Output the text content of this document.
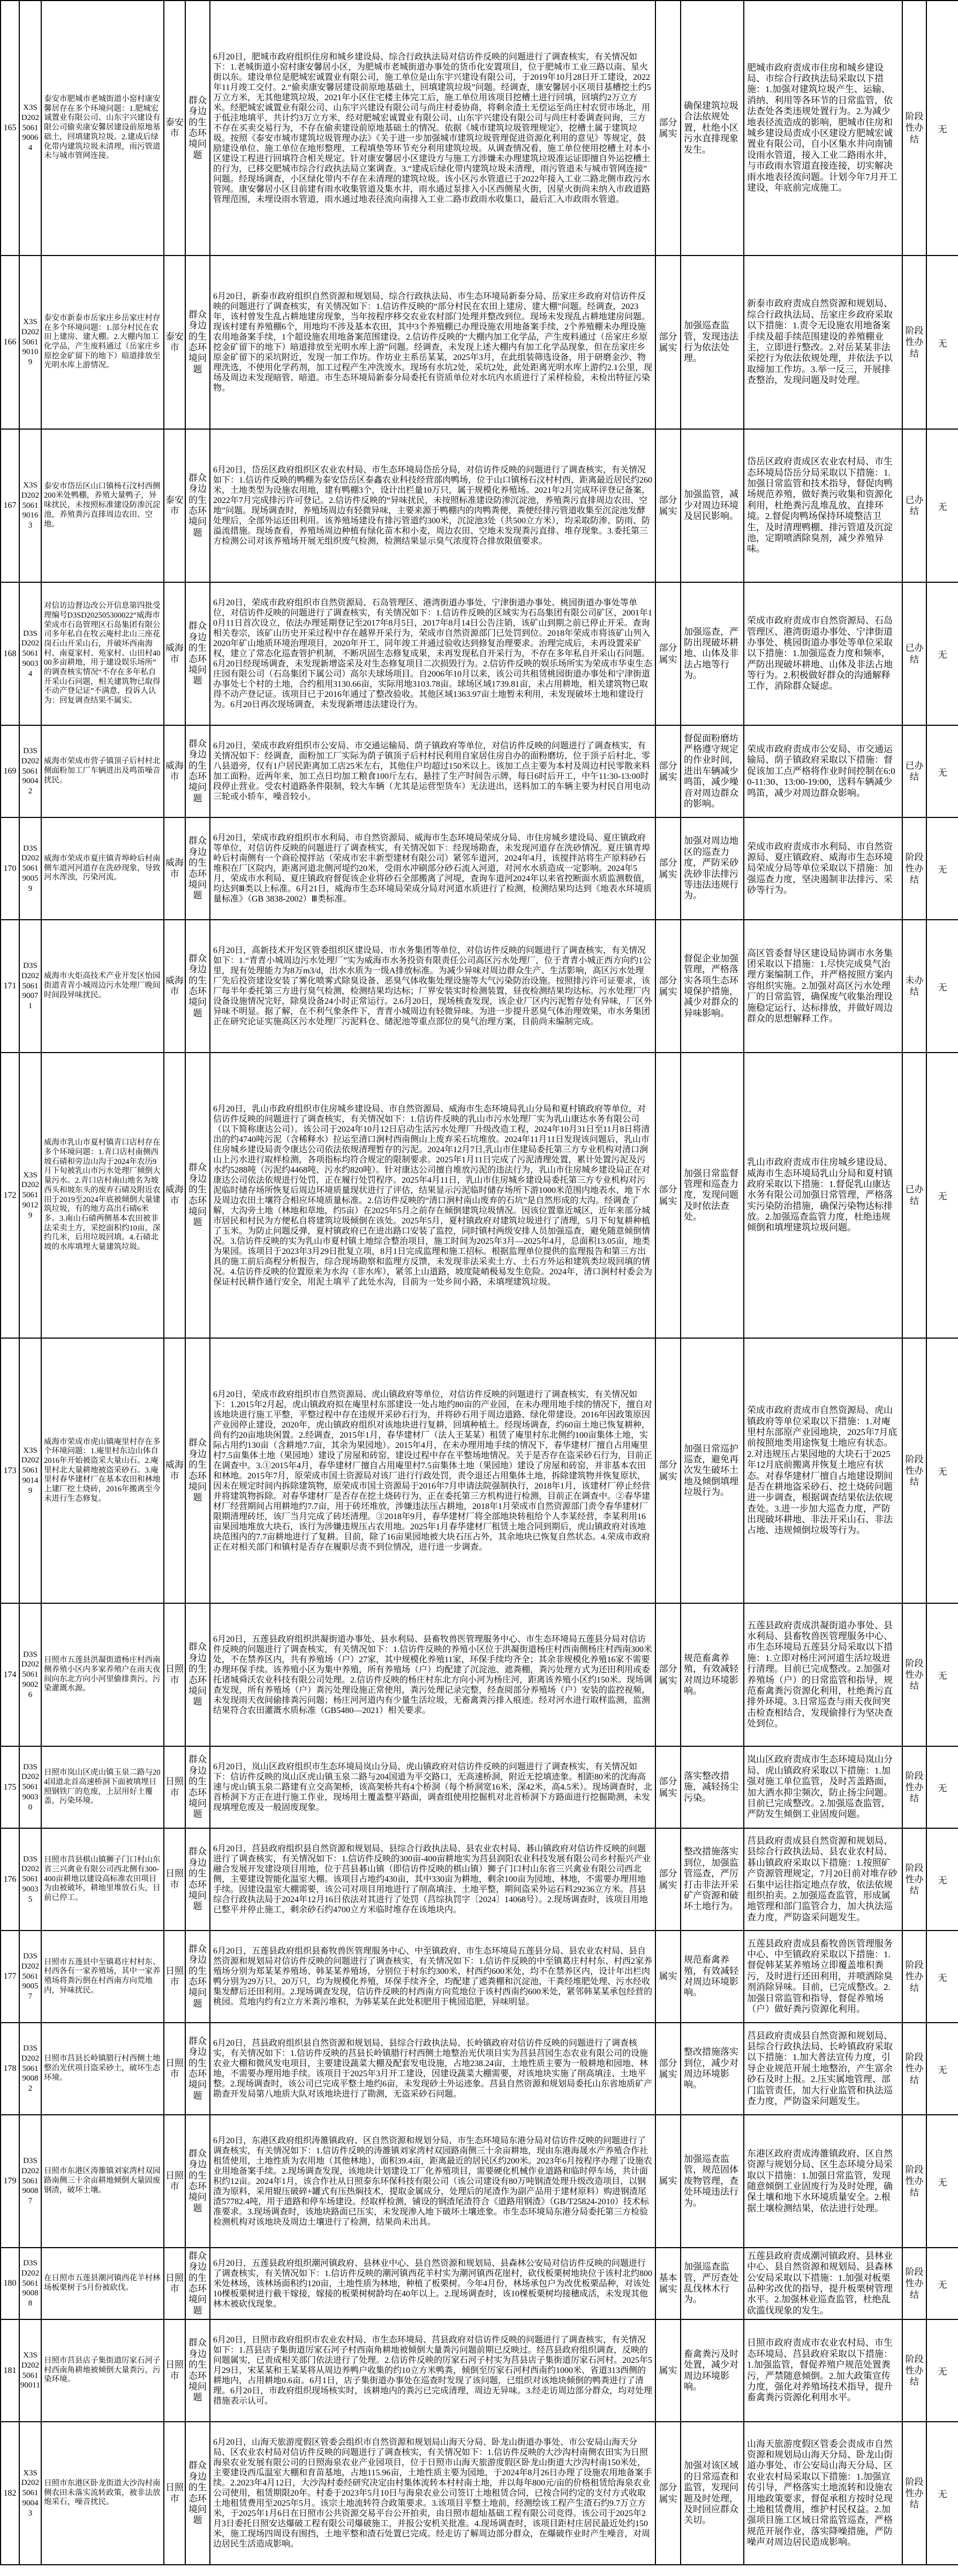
165	X3SD202506190064	泰安市肥城市老城街道小窑村康安馨居存在多个环境问题：1.肥城宏诚置业有限公司、山东宇兴建设有限公司偷卖康安馨居建设前原地基础土，回填建筑垃圾。2.建成后绿化带内建筑垃圾未清理，雨污管道未与城市管网连接。	泰安市	群众身边的生态环境问题	6月20日，肥城市政府组织住房和城乡建设局、综合行政执法局对信访件反映的问题进行了调查核实，有关情况如下：1.老城街道小窑村康安馨居小区，为肥城市老城街道办事处的货币化安置项目，位于肥城市工业三路以南、星火街以东。建设单位是肥城宏诚置业有限公司，施工单位是山东宇兴建设有限公司，于2019年10月28日开工建设，2022年11月竣工交付。2.“偷卖康安馨居建设前原地基础土，回填建筑垃圾”问题。经调查，康安馨居小区项目基槽挖土约5万立方米，无其他建筑垃圾，2021年小区住宅楼主体完工后，施工单位用该项目挖槽土进行回填，回填约2万立方米。经肥城宏诚置业有限公司、山东宇兴建设有限公司与尚庄村委协商，将剩余渣土无偿运至尚庄村农贸市场北，用于低洼地填平，共计约3万立方米，经对肥城宏诚置业有限公司、山东宇兴建设有限公司与尚庄村委调查问询，三方不存在买卖交易行为，不存在偷卖建设前原地基础土的情况。依据《城市建筑垃圾管理规定》，挖槽土属于建筑垃圾。按照《泰安市城市建筑垃圾管理办法》《关于进一步加强城市建筑垃圾管理促进资源化利用的意见》等规定，鼓励建设单位、施工单位在地形整理、工程填垫等环节充分利用建筑垃圾。从调查情况看，施工单位使用挖槽土对本小区建设工程进行回填符合相关规定。针对康安馨居小区建设方与施工方涉嫌未办理建筑垃圾准运证即擅自外运挖槽土的行为，已移交肥城市综合行政执法局立案调查。3.“建成后绿化带内建筑垃圾未清理，雨污管道未与城市管网连接”问题。经现场调查，小区绿化带内不存在未清理的建筑垃圾。该小区污水管道已于2022年接入工业二路北侧市政污水管网。康安馨居小区目前建有雨水收集管道及集水井，雨水通过泵排入小区西侧星火街，因星火街尚未纳入市政道路管理范围，未埋设雨水管道，雨水通过地表径流向南排入工业二路市政雨水收集口，最后汇入市政雨水管道。	部分属实	确保建筑垃圾合法依规处置，杜绝小区污水直排现象发生。	肥城市政府责成市住房和城乡建设局、市综合行政执法局采取以下措施：1.加强对建筑垃圾产生、运输、消纳、利用等各环节的日常监管，依法查处各类违规处置行为。2.为减少地表径流造成的影响，肥城市住房和城乡建设局责成小区建设方肥城宏诚置业有限公司，自小区集水井向南铺设雨水管道，接入工业二路雨水井，与市政雨水管道直接连接，切实解决雨水地表径流问题。计划今年7月开工建设，年底前完成施工。	阶段性办结	无
166	X3SD202506190109	泰安市新泰市岳家庄乡岳家庄村存在多个环境问题：1.部分村民在农田上建房、建大棚。2.大棚内加工化学品，产生废料通过（岳家庄乡原挖金矿留下的地下）暗道排放至光明水库上游情况。	泰安市	群众身边的生态环境问题	6月20日，新泰市政府组织自然资源和规划局、综合行政执法局、市生态环境局新泰分局、岳家庄乡政府对信访件反映的问题进行了调查核实，有关情况如下：1.信访件反映的“部分村民在农田上建房、建大棚”问题。经调查，2023年，该村曾发生乱占耕地建房现象，当年按程序移交农业农村部门处理并整改到位。现场未发现乱占耕地建房问题。现该村建有养殖棚6个，用地均不涉及基本农田，其中3个养殖棚已办理设施农用地备案手续，2个养殖棚未办理设施农用地备案手续，1个超设施农用地备案范围建设。2.信访件反映的“大棚内加工化学品，产生废料通过（岳家庄乡原挖金矿留下的地下）暗道排放至光明水库上游”问题。经调查，未发现上述大棚内有加工化学品现象，但在岳家庄乡原金矿留下的采坑附近，发现一加工作坊。作坊业主系岳某某，2025年3月，在此组装筛选设备，用于研磨金沙、物理洗选，不使用化学药剂，加工过程产生冲洗废水。现场有水坑2处，采坑2处，此处距离光明水库上游约2.1公里，现场及周边未发现暗管、暗道。市生态环境局新泰分局委托有资质单位对水坑内水质进行了采样检验，未检出特征污染物。	部分属实	加强巡查监管，发现违法行为依法处理。	新泰市政府责成自然资源和规划局、综合行政执法局、岳家庄乡政府采取以下措施：1.责令无设施农用地备案手续及超手续范围建设的养殖棚业主，立即进行整改。2.对岳某某非法采挖行为依法依规处理，并依法予以取缔加工作坊。3.举一反三，开展排查整治，发现问题及时处理。	阶段性办结	无
167	X3SD202506190163	泰安市岱岳区山口镇杨石汶村西侧200米处鸭棚，养殖大量鸭子，异味扰民，未按照标准建设防渗沉淀池，养殖粪污直排周边农田、空地。	泰安市	群众身边的生态环境问题	6月20日，岱岳区政府组织区农业农村局、市生态环境局岱岳分局，对信访件反映的问题进行了调查核实，有关情况如下：1.信访件反映的鸭棚为泰安岱岳区泰鑫农业科技经营部肉鸭场，位于山口镇杨石汶村村西，距离最近居民约260米，土地类型为设施农用地，建有鸭棚3个，设计出栏量10万只，属于规模化养殖场。2021年2月完成环评登记备案，2022年7月完成排污许可登记。2.信访件反映的“异味扰民，未按照标准建设防渗沉淀池，养殖粪污直排周边农田、空地”问题。现场调查时，养殖场周边有轻微异味，主要来源于鸭棚内的肉鸭粪便，粪便经排污管道收集至沉淀池发酵处理后，全部外运还田利用。该养殖场建设有排污管道约300米，沉淀池3处（共500立方米），均采取防渗、防雨、防溢流措施。现场查看，养殖场周边种植有绿化苗木和小麦，周边农田、空地未发现粪污直排、堆存现象。3.委托第三方检测公司对该养殖场开展无组织废气检测，检测结果显示臭气浓度符合排放限值要求。	部分属实	加强监管，减少对周边环境及居民影响。	岱岳区政府责成区农业农村局、市生态环境局岱岳分局采取以下措施：1.加强日常监管和技术指导，督促肉鸭场规范养殖，做好粪污收集和资源化利用，杜绝粪污乱堆乱放、直排环境。2.督促肉鸭场保持环境整洁卫生，及时清理鸭棚、排污管道及沉淀池，定期喷洒除臭剂，减少养殖异味。	已办结	无
168	D3SD202506190034	对信访边督边改公开信息第四批受理编号D3SD202505300022“威海市荣成市石岛管理区石岛集团有限公司多年私自在牧云庵村北山三座花岗石山开采山石，并破坏西南海村、南夏家村、苑家村、山田村4000多亩耕地，用于建设娱乐场所”的调查核实情况“不存在多年私自开采山石问题，相关建筑物已取得不动产登记证”不满意，投诉人认为：回复调查结果不属实。	威海市	群众身边的生态环境问题	6月20日，荣成市政府组织市自然资源局、石岛管理区、港湾街道办事处、宁津街道办事处、桃园街道办事处等单位，对信访件反映的问题进行了调查核实，有关情况如下：1.信访件反映的区域实为石岛集团有限公司矿区，2001年10月11日首次设立，依法办理延期登记至2017年8月5日，2017年8月14日公告注销，该矿山到期之前已停止开采。查询相关卷宗，该矿山历史开采过程中存在越界开采行为，荣成市自然资源部门已处罚到位。2018年荣成市将该矿山列入2020年矿山地质环境治理项目，2020年开工、同年竣工并通过验收达到修复治理要求。治理完成后，未再设置采矿权，建立了常态化巡查管护机制，不断巩固生态修复成果，未再发现私自开采行为，不存在多年私自开采山石问题。6月20日经现场调查，未发现新增盗采及对生态修复项目二次损毁行为。2.信访件反映的娱乐场所实为荣成市华束生态庄园有限公司（石岛集团下属公司）高尔夫球场项目。自2006年10月以来，该公司共租赁桃园街道办事处和宁津街道办事处七个村的土地，合约租用3130.66亩，实际用地3103.78亩。球场区域1739.81亩，未占用耕地，相关建筑物已取得不动产登记证。该项目已于2016年通过了整改验收。其他区域1363.97亩土地暂未利用，未发现破坏土地和建设行为。6月20日再次现场调查，未发现新增违法建设行为。	部分属实	加强巡查，严防出现破坏耕地、山体及非法占地等行为。	荣成市政府责成市自然资源局、石岛管理区、港湾街道办事处、宁津街道办事处、桃园街道办事处等单位采取以下措施：1.加强巡查力度和频率，严防出现破坏耕地、山体及非法占地等行为。2.积极做好群众的沟通解释工作，消除群众疑虑。	已办结	无
169	D3SD202506190042	威海市荣成市营子镇顶子后村村北侧面粉加工厂车辆进出及鸣笛噪音扰民。	威海市	群众身边的生态环境问题	6月20日，荣成市政府组织市公安局、市交通运输局、荫子镇政府等单位，对信访件反映的问题进行了调查核实，有关情况如下：经调查，面粉加工厂实际为荫子镇顶子后村村民利用自家居住房自办的面粉磨坊，位于顶子后村北、零八县道旁，仅有1户居民距离加工店25米左右，其他住户均超过150米以上。该加工点主要为本村及周边村民零散来料加工面粉。近两年来，加工点日均加工粮食100斤左右，悬挂了生产时间告示牌，每日6时后开工，中午11:30-13:00时段停止营业。受农村道路条件限制，较大车辆（尤其是运营型货车）无法进出，送料加工的车辆主要为村民自用电动三轮或小轿车，噪音较小。	部分属实	督促面粉磨坊严格遵守规定的作业时间，进出车辆减少鸣笛，减少噪音对周边群众的影响。	荣成市政府责成市公安局、市交通运输局、荫子镇政府采取以下措施：督促该加工点严格将作业时间控制在6:00-11:30、13:00-19:00，送料车辆减少鸣笛，减少对周边群众影响。	已办结	无
170	D3SD202506190059	威海市荣成市夏庄镇青埠岭后村南侧车道河河道存在洗砂现象，导致河水浑浊，污染河流。	威海市	群众身边的生态环境问题	6月20日，荣成市政府组织市水利局、市自然资源局、威海市生态环境局荣成分局、市住房城乡建设局、夏庄镇政府等单位，对信访件反映的问题进行了调查核实，有关情况如下：经现场勘查，未发现河道存在洗砂情况。夏庄镇青埠岭后村南侧有一个商砼搅拌站（荣成市宏丰新型建材有限公司）紧邻车道河，2024年4月，该搅拌站将生产原料砂石堆积在厂区院内，距离河道北侧河堤约20米，受雨水冲刷部分砂石流入河道，对河水水质造成一定影响。2024年5月，荣成市水利局、夏庄镇政府督促该企业将砂石全部搬离了河堤，查询车道河2024年以来省控断面水质监测数值，均达到Ⅲ类以上标准。6月21日，威海市生态环境局荣成分局对河道水质进行了检测，检测结果均达到《地表水环境质量标准》（GB 3838-2002）Ⅲ类标准。	部分属实	加强对周边地区的巡查力度，严防采砂洗砂非法排污等违法违规行为。	荣成市政府责成市水利局、市自然资源局、夏庄镇政府、威海市生态环境局荣成分局等单位采取以下措施：加强巡查力度，坚决遏制非法排污、采砂等行为。	阶段性办结	无
171	D3SD202506190071	威海市火炬高技术产业开发区怡园街道青青小城周边污水处理厂晚间时间段异味扰民。	威海市	群众身边的生态环境问题	6月20日，高新技术开发区管委组织区建设局、市水务集团等单位，对信访件反映的问题进行了调查核实，有关情况如下：1.“青青小城周边污水处理厂”实为威海市水务投资有限责任公司高区污水处理厂，位于青青小城正西方向约1公里，现有处理能力为8万m3/d，出水水质为一级A排放标准。为减少异味对周边群众生产、生活影响，高区污水处理厂先后投资建设安装了雾化喷雾式除臭设备、恶臭气体收集处理设施等大气污染防治设施。按照排污许可证要求，该厂每半年委托第三方进行臭气检测，检测结果均达标；厂界安装实时检测装置，昼夜检测结果均达标。污水处理厂内设备设施情况完好，除臭设备24小时正常运行。2.6月20日，现场核查发现，该企业厂区内污泥暂存处有异味，厂区外异味不明显。据了解，在不利气象条件下，青青小城周边有轻微异味。为进一步提升恶臭气体治理效果，市水务集团正在研究论证实施高区污水处理厂污泥料仓、储泥池等重点部位的臭气治理方案，目前尚未编制完成。	部分属实	督促企业加强管理，严格落实各项生态环境保护措施，减少对群众的异味影响。	高区管委督导区建设局协调市水务集团采取以下措施：1.尽快完成臭气治理方案编制工作，并严格按照方案内容组织实施。2.加强对高区污水处理厂的日常监管，确保废气收集治理设施稳定运行、达标排放，并做好周边群众的思想解释工作。	未办结	无
172	X3SD202506190129	威海市乳山市夏村镇青口店村存在多个环境问题：1.青口店村南侧西坡石碃和旁边山沟于2024年农历9月下旬被乳山市污水处理厂倾倒大量污水。2.青口店村南山地名为坡西头和坡东头的废弃石碃及附近农田于2019至2024年底被倾倒大量建筑垃圾，有的地方高出石碃6米多。3.南山石碃两侧基本农田被非法采卖土方，采挖面积约10亩，深约几米，后用垃圾回填。4.石碃北坡的水库填埋大量建筑垃圾。	威海市	群众身边的生态环境问题	6月20日，乳山市政府组织市住房城乡建设局、市自然资源局、威海市生态环境局乳山分局和夏村镇政府等单位，对信访件反映的问题进行了调查核实，有关情况如下：1.信访件反映的乳山市污水处理厂实为乳山康达水务有限公司（以下简称康达公司）。该公司于2024年10月12日启动生活污水处理厂升级改造工程，2024年10月31日至11月8日将清出的约4740吨污泥（含稀释水）拉运至清口涧村西南侧山上废弃采石坑堆放。2024年11月11日发现该问题后，乳山市住房城乡建设局责令康达公司依法依规清理暂存的污泥。2024年12月7日,乳山市住建局委托第三方专业机构对清口涧山上污水进行取样检测，各项指标均符合规定的限制要求。2025年1月11日完成了污泥清理处置，累计处置污泥及污水约5288吨（污泥约4468吨、污水约820吨）。针对康达公司擅自堆放污泥的违法行为，乳山市住房城乡建设局正在对康达公司依法依规进行处罚，正在履行处罚程序。2025年4月11日，乳山市住房城乡建设局委托第三方专业机构对污泥临时储存场所恢复后周边环境质量现状进行了评估，结果显示污泥临时储存场所下游1000米范围内地表水、地下水及周边农田土壤符合相应环境质量标准。2.信访件反映的“清口涧村南山废弃的石坑”是自然形成的大沟。经调查了解，大沟旁土地（林地和草地，约5亩）在2025年5月之前存在倾倒建筑垃圾情况。因该位置靠近城区，近年来部分城市居民和村民为方便私自将建筑垃圾倾倒在该处。2025年5月，夏村镇政府对建筑垃圾进行了清理，5月下旬复耕种植了玉米。为防止问题反弹，夏村镇政府已在进出路口安装了监控，同时镇村两级安排人员加强巡查，避免随意倾倒情况。3.信访件反映的实为乳山市夏村镇土地综合整治项目，施工时间为2025年3月—2025年4月，总面积13.05亩，地类为果园。该项目于2023年3月29日批复立项，8月1日完成监理和施工招标。根据监理单位提供的监理报告和第三方出具的施工前后高程分析报告，综合现场勘察和监理方反馈，未发现非法采卖土方、土石方外运和建筑类垃圾回填的情况。4.信访件反映的位置原来为水沟（非水库），紧邻上山道路，坡度陡峭极易发生危险。2024年，清口涧村村委会为保证村民耕作通行安全，用泥土填平了此处水沟，目前为一处乡间小路，未填埋建筑垃圾。	部分属实	加强日常监督管理和巡查力度，发现问题及时依法查处。	乳山市政府责成市住房城乡建设局、威海市生态环境局乳山分局和夏村镇政府采取以下措施：1.督促乳山康达水务有限公司加强日常管理，严格落实污染防治措施，确保污染物达标排放。2.加强巡查监管力度，杜绝违规倾倒和填埋建筑垃圾问题。	已办结	无
173	X3SD202506190149	威海市荣成市虎山镇庵里村存在多个环境问题：1.庵里村东边山体自2016年开始被盗采大量山石。2.庵里村北大量耕地被盗采砂石。3.庵里村春华建材厂在基本农田和林地上建厂挖土烧砖，2016年搬离至今未进行生态修复。	威海市	群众身边的生态环境问题	6月20日，荣成市政府组织市自然资源局、虎山镇政府等单位，对信访件反映的问题进行了调查核实，有关情况如下：1.2015年2月起，虎山镇政府拟在庵里村东部建设一处占地约80亩的产业园，在未办理用地手续的情况下，擅自对该地块进行施工平整，平整过程中存在违规开采砂石行为，并将砂石用于周边道路、绿化带建设。2016年因政策原因产业园停止建设，2020年，虎山镇政府组织对该地块进行复耕，回填种植土。经现场调查，约60亩土地已恢复耕种，尚有约20亩地块闲置。2.经调查，2015年1月，春华建材厂（法人王某某）租赁了庵里村东北侧约100亩集体土地，实际占用约130亩（含耕地7.7亩，其余为果园地）。2015年4月，在未办理用地手续的情况下，春华建材厂擅自占用庵里村7.5亩集体土地（果园地）建设了房屋和砖窑，建设过程中存在平整场地情况。关于是否存在盗采砂石行为，目前正在调查中。3.①2015年4月，春华建材厂擅自占用庵里村7.5亩集体土地（果园地）建设了房屋和砖窑，并非基本农田和林地。2015年7月，原荣成市国土资源局对该厂进行行政处罚，责令退还占用集体土地，拆除建筑物并恢复原状，因未在规定时间内拆除建筑物，原荣成市国土资源局于2016年7月申请法院强制执行，2018年1月，该建材厂停止经营并将建筑物拆除。对春华建材厂是否存在挖土烧砖行为，正在委托第三方机构进行检测，目前正在调查中。②春华建材厂经营期间占用耕地约7.7亩，用于砖坯堆放，涉嫌违法压占耕地，2018年1月荣成市自然资源部门责令春华建材厂限期清理砖坯，该厂当月完成了砖坯清理。③2018年9月，春华建材厂将全部地块转租给个人李某经营，李某利用16亩果园地堆放大块石，该行为涉嫌违规压占农用地。2025年1月春华建材厂租赁土地合同到期后，虎山镇政府对该地块范围内的7.7亩耕地进行了复耕。目前，除了16亩果园地被大块石压占外，其余地块已恢复自然状态。4.荣成市政府正在对相关部门和镇村是否存在履职尽责不到位情况，进行进一步调查。	部分属实	加强日常巡护巡查，避免再次发生破坏土地及倾倒填埋垃圾行为。	荣成市政府责成市自然资源局、虎山镇政府等单位采取以下措施：1.对庵里村东部原产业园地块，2025年7月底前按照地类用途恢复土地应有状态。2.对违规压占果园地的大块石于2025年12月底前搬离并恢复土地应有状态。对春华建材厂擅自占地建设期间是否在耕地盗采砂石、挖土烧砖问题进一步调查，根据调查结果依法依规查处。3.进一步加大巡查力度，严防出现破坏耕地、非法开采山石、非法占地、违规倾倒垃圾等行为。	阶段性办结	无
174	D3SD202506190026	日照市五莲县洪凝街道杨庄村西南侧养殖小区内多家养殖户在雨天夜间向东北方向小河里偷排粪污，污染灌溉水源。	日照市	群众身边的生态环境问题	6月20日，五莲县政府组织洪凝街道办事处、县水利局、县畜牧兽医管理服务中心、市生态环境局五莲县分局对信访件反映的问题进行了调查核实，有关情况如下：1.信访件反映的养殖小区位于洪凝街道杨庄村西南侧杨庄村西南300米处，不在禁养区内，共有养殖场（户）27家，其中规模化养殖11家，环保手续均齐全；其余非规模化养殖16家不需要办理环保手续。该养殖小区为集中养殖，所有养殖场（户）均配建了沉淀池、遮粪棚，粪污处理方式为还田利用或委托诸城舜沃农业科技有限公司处理。2.信访件反映的杨庄村东北方向小河为杨庄河，距离该养殖小区约150米。现场调查发现，所有养殖场（户）粪污处理设施正常使用，粪污处理记录完整，经查阅部分养殖场（户）安装的监控视频，未发现雨天夜间偷排粪污问题；杨庄河河道内有少量生活垃圾，无畜禽粪污排入痕迹。经对河水进行取样监测，监测结果符合农田灌溉水质标准（GB5480—2021）相关要求。	部分属实	规范畜禽养殖，有效减轻对周边环境影响。	五莲县政府责成洪凝街道办事处、县水利局、县畜牧兽医管理服务中心、市生态环境局五莲县分局采取以下措施：1.立即对杨庄河河道生活垃圾进行清理。目前已完成整改。2.加强对养殖场（户）的日常监管和指导，规范畜禽粪污资源化利用，杜绝粪污直排外环境。3.日常巡查与雨天夜间突击检查相结合，发现偷排行为坚决查处到位。	阶段性办结	无
175	D3SD202506190030	日照市岚山区虎山镇玉泉二路与204国道北首高速桥洞下面被填埋日照钢铁厂的危废，上层用好土覆盖，污染环境。	日照市	群众身边的生态环境问题	6月20日，岚山区政府组织市生态环境局岚山分局、虎山镇政府对信访件反映的问题进行了调查核实，有关情况如下：信访件反映的岚山区虎山镇玉泉二路与204国道为平交路口，无高速桥洞，附近无挖填迹象。相距80米的沈海高速与虎山镇玉泉二路建有立交高架桥，该高架桥共有4个桥洞（每个桥洞宽16米，深42米，高4.5米）。现场调查时，北首桥洞下方正在进行施工作业，现场用土覆盖整平路面，调查组使用挖掘机对北首桥洞下方路面进行挖掘勘测，未发现填埋危废及一般固废现象。	部分属实	落实整改措施，减轻扬尘污染。	岚山区政府责成市生态环境局岚山分局、虎山镇政府采取以下措施：1.加强对施工单位监管，及时苫盖路面，加大洒水抑尘频次，防止扬尘问题。目前已完成整改。2.加强巡查监管，严防发生倾倒工业固废问题。	阶段性办结	无
176	D3SD202506190035	日照市莒县棋山镇狮子门口村山东省三兴禽业有限公司西北侧有300-400亩耕地以建设高标准农田项目为由被破坏，耕地里堆放石头，目前已停工。	日照市	群众身边的生态环境问题	6月20日，莒县政府组织县自然资源和规划局、县综合行政执法局、县农业农村局、碁山镇政府对信访件反映的问题进行了调查核实，有关情况如下：1.信访件反映的300亩-400亩耕地实为莒县润阳农业科技发展有限公司乡村振兴产业融合发展开发建设项目用地，位于莒县碁山镇（即信访件反映的棋山镇）狮子门口村山东省三兴禽业有限公司西北侧，主要建设智能化温室大棚。该项目占地约430亩，其中330亩为耕地，剩余100亩为园地、林地，不需要办理用地手续。因建设温室大棚需要，该公司对项目用地进行了削高填洼、土地平整，期间盗采外运石料29236立方米。莒县综合行政执法局于2024年12月16日依法对其进行了处罚（莒综执罚字〔2024〕14068号）。2.现场调查时，该项目用地已整平并停止施工，剩余砂石约4700立方米临时堆存在该地块内。	部分属实	整改措施落实到位，加强监管巡查，严厉打击非法开采矿产资源和破坏土地行为。	莒县政府责成县自然资源和规划局、县综合行政执法局、县农业农村局、碁山镇政府采取以下措施：1.按照矿产资源管理规定，7月20日前对堆存砂石集中运往指定地点存放，依法依规组织拍卖。2.加强巡查监管，形成属地管理和部门监管合力，加大执法巡查力度，严防盗采问题发生。	阶段性办结	无
177	D3SD202506190057	日照市五莲县中至镇葛庄村村东、村西各有一家养殖场，其中一家养殖场将粪污倒在村西南方向荒地内，异味扰民。	日照市	群众身边的生态环境问题	6月20日，五莲县政府组织县畜牧兽医管理服务中心、中至镇政府、市生态环境局五莲县分局、县农业农村局、县自然资源和规划局对信访件反映的问题进行了调查核实，有关情况如下：1.信访件反映的中至镇葛庄村村东、村西2家养殖场分别为郑某某养殖场、韩某某养殖场，分别位于村东约300米、村西约600米处，均不在禁养区内，设计年出栏肉鸭分别为29万只、20万只，均为规模化养殖，环保手续齐全，均配建了遮粪棚和沉淀池，干粪经堆肥处理、污水经收集发酵后还田利用。2.现场调查发现，信访件反映的村西南方向荒地位于该村西南约600米处，紧邻韩某某承包经营的桃园。荒地内约有2立方米粪污堆积，为韩某某在此处积肥用于桃园追肥，异味明显。	属实	规范畜禽养殖，有效减轻对周边环境影响。	五莲县政府责成县畜牧兽医管理服务中心、中至镇政府采取以下措施：1.督促韩某某养殖场立即覆盖堆积粪污，及时进行还田利用，并喷洒除臭剂消除异味。目前，已完成整改。2.加强日常监管和指导，督促养殖场（户）做好粪污资源化利用。	阶段性办结	无
178	D3SD202506190082	日照市莒县长岭镇腊行村西侧土地整治光伏项目盗采砂土，破坏生态环境。	日照市	群众身边的生态环境问题	6月20日，莒县政府组织县自然资源和规划局、县综合行政执法局、长岭镇政府对信访件反映的问题进行了调查核实，有关情况如下：1.信访件反映的莒县长岭镇腊行村西侧土地整治光伏项目实为莒县莒园生态农业有限公司的设施农业大棚和微风发电项目，主要建设蔬菜大棚及配套发电设施，占地238.24亩，土地性质主要为一般耕地和园地、林地，不需要办理用地手续。该项目于2025年3月开工建设，因建设蔬菜大棚需要，对该地块实施了削高填洼、土地平整。2.现场调查时，该公司已完成平整土地约6亩，未发现砂土外运迹象。莒县自然资源和规划局委托山东省地质矿产勘查开发局第八地质大队对该地块进行了勘测，无盗采砂石问题。	部分属实	整改措施落实到位，减少对周边环境影响。	莒县政府责成县自然资源和规划局、县综合行政执法局、长岭镇政府采取以下措施：1.加大普法宣传力度，引导企业规范开展土地整治，产生富余砂石及时上报。2.压实属地管理、部门监管责任，加大行业监管和执法巡查力度，严防盗采问题发生。	阶段性办结	无
179	D3SD202506190087	日照市东港区涛雒镇刘家湾村双园路南侧三十余亩耕地倾倒大量固废钢渣，破坏土壤。	日照市	群众身边的生态环境问题	6月20日，东港区政府组织涛雒镇政府、区自然资源和规划分局、市生态环境局东港分局对信访件反映的问题进行了调查核实，有关情况如下：1.信访件反映的涛雒镇刘家湾村双园路南侧三十余亩耕地，现由东港海晟水产养殖合作社租赁使用，土地性质为农用地（其他林地），面积39.4亩，距离最近的居民区约200米。2023年6月按程序办理了设施农业用地备案手续。2.现场调查发现，该地块计划建设工厂化养殖项目，需要硬化机械作业道路和临时停车场，共计面积约12亩。2024年1月，该合作社从日照泰东环保科技有限公司（该公司建设有80万吨钢渣处理升级改造项目，以钢渣为原料，采用辊压破碎+罐式有压热焖技术，提取金属成分，处理后的尾渣作为副产品用于建材原料）购进钢渣尾渣57782.4吨，用于道路和停车场建设。经取样检测，铺设的钢渣尾渣符合《道路用钢渣》（GB/T25824-2010）技术标准要求。3.现场调查时，该地块路面已压实，未发现渗入地下破坏土壤迹象。市生态环境局东港分局委托第三方检验检测机构对该地块及周边土壤进行了检测，结果尚未出具。	属实	加强巡查监管，规范固体废物管理，查处环境违法行为。	东港区政府责成涛雒镇政府、区自然资源与规划分局、区生态环境分局采取以下措施：1.加强日常监管，发现随意倾倒工业固废行为及时处理，确保土壤和地下水环境质量安全。2.根据土壤检测结果，依法进行处理。	阶段性办结	无
180	D3SD202506190088	在日照市五莲县潮河镇西花羊村林场板栗树于5月份被砍伐。	日照市	群众身边的生态环境问题	6月20日，五莲县政府组织潮河镇政府、县林业中心、县自然资源和规划局、县森林公安局对信访件反映的问题进行了调查核实，有关情况如下：1.信访件反映的潮河镇西花羊村实为潮河镇西花崖村，砍伐板栗树地块位于该村北约800米处林场，该林场面积约120亩，土地性质为林地，种植了板栗树。今年4月份，林场承包户为改优板栗品种，对该处10棵板栗树进行截干嫁接，嫁接的板栗树树龄均在40年以上。2.现场调查时，该10棵板栗树均接穗成活，未发现其他林木被砍伐现象。	基本属实	加强巡查监管，严厉查处乱伐林木行为。	五莲县政府责成潮河镇政府、县林业中心、县自然资源和规划局、县森林公安局采取以下措施：1.加强对板栗品种劣改优的指导，提升板栗树管理水平。2.加强林业巡查监管，杜绝乱砍滥伐现象的发生。	阶段性办结	无
181	X3SD202506190011	日照市莒县店子集街道厉家石河子村西南角耕地被倾倒大量粪污，污染环境。	日照市	群众身边的生态环境问题	6月20日，日照市政府组织市农业农村局、市生态环境局、莒县政府对信访件反映的问题进行了调查核实，有关情况如下：1.莒县店子集街道厉家石河子村西南角耕地被倾倒大量粪污问题前期已反映过。经莒县政府组织调查，反映的问题属实，已责成相关部门依法进行了处理。2.信访件反映的厉家石河子村实为莒县店子集街道厉家石河村。2025年5月29日，宋某某和王某某将从周边养鸭户收集的约10立方米鸭粪，倾倒至厉家石河村西南约1000米、省道313西侧的耕地内，占用耕地0.6亩。6月1日，店子集街道办事处在巡查时发现了该问题，已组织对该地块倾倒的鸭粪进行了清理。6月20日，市政府组织现场核实时，该耕地内的粪污已完成清理，周边无异味。3.经走访周边部分群众，均对处理措施表示认可。	属实	畜禽粪污及时处置，减少对周边环境影响。	日照市政府责成市农业农村局、市生态环境局、莒县政府采取以下措施：1.加强监管，督促养殖户规范处置粪污，严禁随意倾倒。2.加大政策宣传力度，强化对养殖场技术指导，提升畜禽粪污资源化利用水平。	阶段性办结	无
182	X3SD202506190043	日照市东港区卧龙街道大沙沟村南侧农田未落实流转政策，被非法放炮采石，噪音扰民。	日照市	群众身边的生态环境问题	6月20日，山海天旅游度假区管委会组织市自然资源和规划局山海天分局、卧龙山街道办事处、市公安局山海天分局、区农业农村局对信访件反映的问题进行了调查核实，有关情况如下：1.信访件反映的大沙沟村南侧农田实为日照海泉农业发展有限公司的日照海泉农业产业园项目，位于日照市山海天旅游度假区卧龙山街道大沙沟村南150米处，主要建设西瓜温室大棚和育苗基地，占地115.96亩，土地性质主要为园地，于2024年8月26日办理了设施农用地备案手续。2.2023年4月12日，大沙沟村委经研究决定由村集体流转本村村南土地，并以每年800元/亩的价格租赁给海泉农业公司使用，租赁期限20年。村委于2023年5月10日与海泉农业公司签订土地租赁合同，已按合同约定的支付方式收取土地租赁费用至2025年5月。该宗土地流转符合政策要求。3.该项目平整土地前，经测绘该工程产生渣石约9.7万立方米，于2025年1月6日在日照市公共资源交易平台公开拍卖，由日照市超灿基础工程有限公司竞得。该公司于2025年2月3日委托日照安达爆破工程有限公司爆破施工，并报公安机关批准。4.现场调查时，该项目距村庄居民最近处约150米，施工现场四周设有围挡，土地平整和渣石处置已完成。经走访了解周边部分群众，在爆破作业时产生噪音，对周边居民生活造成影响。	部分属实	加强对该区域的日常巡查和监管，发现问题及时处理，及时回应群众关切。	山海天旅游度假区管委会责成市自然资源和规划局山海天分局、卧龙山街道办事处、市公安局山海天分局、区农业农村局采取以下措施：1.加强宣传引导，严格落实土地流转和设施农用地政策要求，督促承租方按时兑现土地租赁费用，维护村民权益。2.加强项目施工区域日常监管巡查，严格规范开展作业，落实降噪措施，严防噪声对周边居民造成影响。	阶段性办结	无
